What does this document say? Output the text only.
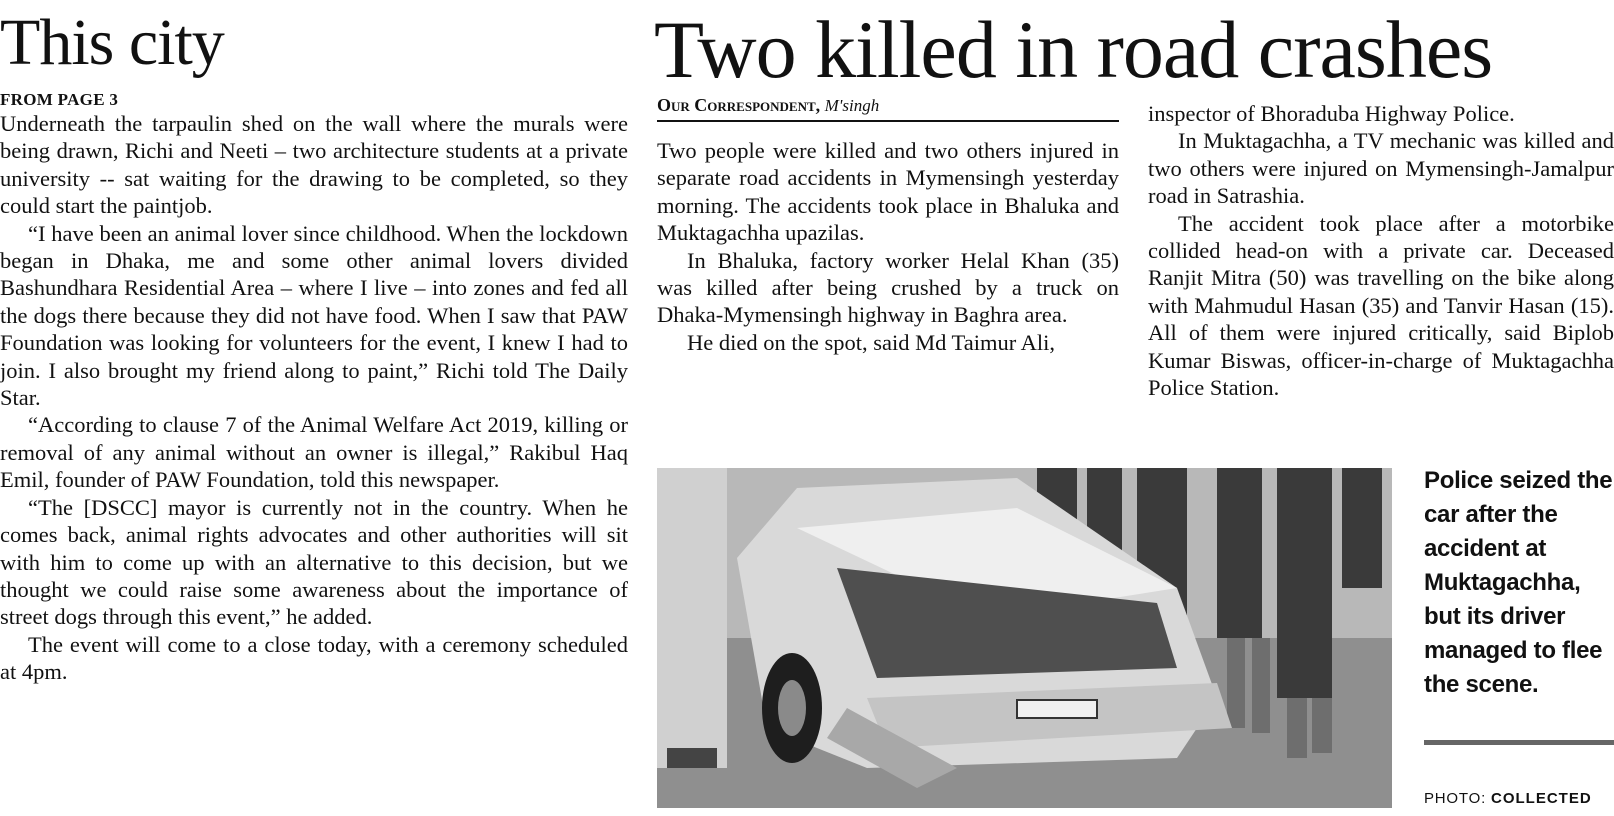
This city
FROM PAGE 3

Underneath the tarpaulin shed on the wall where the murals were being drawn, Richi and Neeti – two architecture students at a private university -- sat waiting for the drawing to be completed, so they could start the paintjob.

“I have been an animal lover since childhood. When the lockdown began in Dhaka, me and some other animal lovers divided Bashundhara Residential Area – where I live – into zones and fed all the dogs there because they did not have food. When I saw that PAW Foundation was looking for volunteers for the event, I knew I had to join. I also brought my friend along to paint,” Richi told The Daily Star.

“According to clause 7 of the Animal Welfare Act 2019, killing or removal of any animal without an owner is illegal,” Rakibul Haq Emil, founder of PAW Foundation, told this newspaper.

“The [DSCC] mayor is currently not in the country. When he comes back, animal rights advocates and other authorities will sit with him to come up with an alternative to this decision, but we thought we could raise some awareness about the importance of street dogs through this event,” he added.

The event will come to a close today, with a ceremony scheduled at 4pm.

Two killed in road crashes
Our Correspondent, M'singh

Two people were killed and two others injured in separate road accidents in Mymensingh yesterday morning. The accidents took place in Bhaluka and Muktagachha upazilas.

In Bhaluka, factory worker Helal Khan (35) was killed after being crushed by a truck on Dhaka-Mymensingh highway in Baghra area.

He died on the spot, said Md Taimur Ali,

inspector of Bhoraduba Highway Police.

In Muktagachha, a TV mechanic was killed and two others were injured on Mymensingh-Jamalpur road in Satrashia.

The accident took place after a motorbike collided head-on with a private car. Deceased Ranjit Mitra (50) was travelling on the bike along with Mahmudul Hasan (35) and Tanvir Hasan (15). All of them were injured critically, said Biplob Kumar Biswas, officer-in-charge of Muktagachha Police Station.

Police seized the car after the accident at Muktagachha, but its driver managed to flee the scene.
PHOTO: COLLECTED
